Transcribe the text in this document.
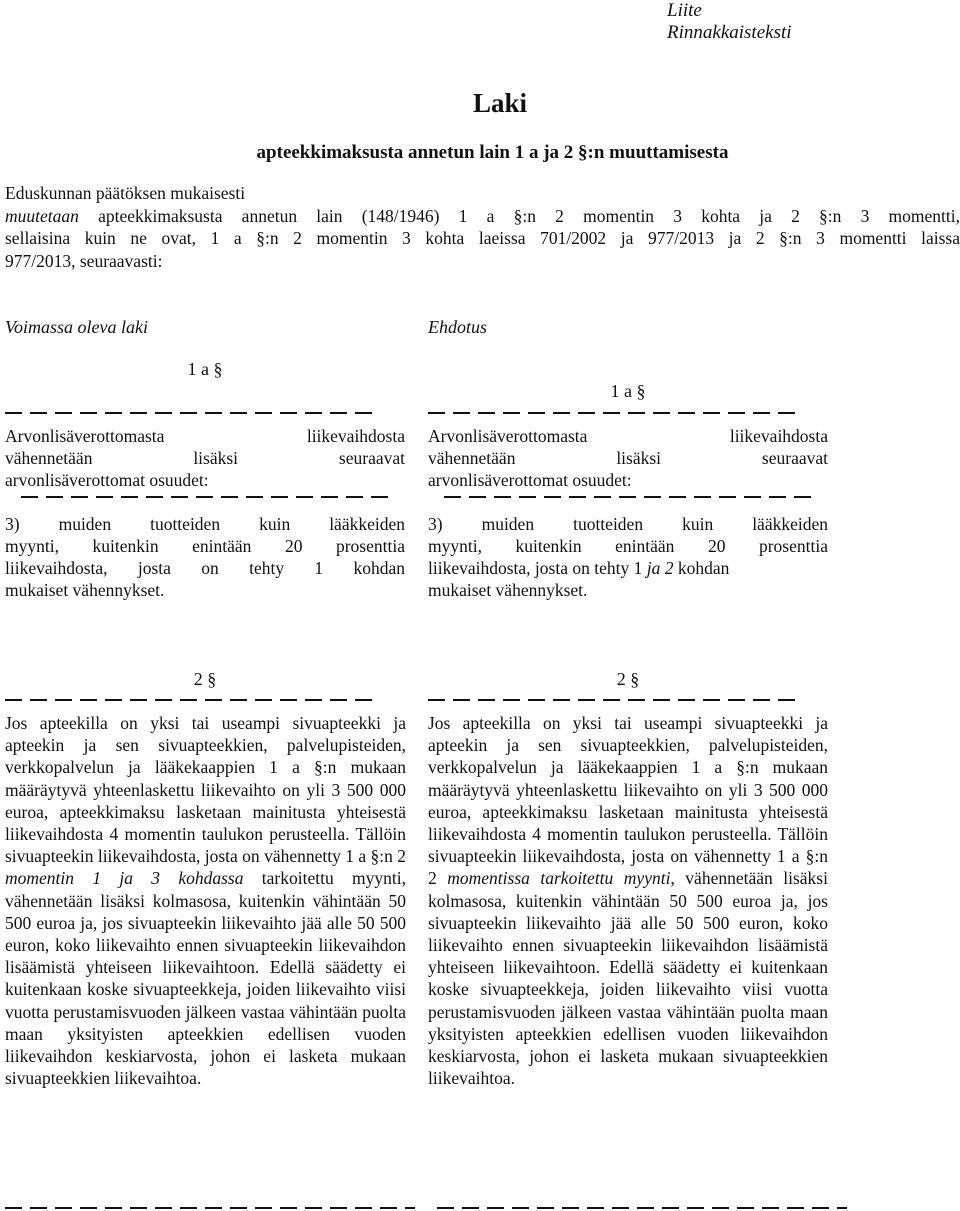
Liite
Rinnakkaisteksti
Laki
apteekkimaksusta annetun lain 1 a ja 2 §:n muuttamisesta
Eduskunnan päätöksen mukaisesti
muutetaan apteekkimaksusta annetun lain (148/1946) 1 a §:n 2 momentin 3 kohta ja 2 §:n 3 momentti,
sellaisina kuin ne ovat, 1 a §:n 2 momentin 3 kohta laeissa 701/2002 ja 977/2013 ja 2 §:n 3 momentti laissa
977/2013, seuraavasti:
Voimassa oleva laki	Ehdotus
1 a §
Arvonlisäverottomasta liikevaihdosta
vähennetään lisäksi seuraavat
arvonlisäverottomat osuudet:
3) muiden tuotteiden kuin lääkkeiden
myynti, kuitenkin enintään 20 prosenttia
liikevaihdosta, josta on tehty 1 kohdan
mukaiset vähennykset.
1 a §
Arvonlisäverottomasta liikevaihdosta
vähennetään lisäksi seuraavat
arvonlisäverottomat osuudet:
3) muiden tuotteiden kuin lääkkeiden
myynti, kuitenkin enintään 20 prosenttia
liikevaihdosta, josta on tehty 1 ja 2 kohdan
mukaiset vähennykset.
2 §

Jos apteekilla on yksi tai useampi sivuapteekki ja apteekin ja sen sivuapteekkien, palvelupisteiden, verkkopalvelun ja lääkekaappien 1 a §:n mukaan määräytyvä yhteenlaskettu liikevaihto on yli 3 500 000 euroa, apteekkimaksu lasketaan mainitusta yhteisestä liikevaihdosta 4 momentin taulukon perusteella. Tällöin sivuapteekin liikevaihdosta, josta on vähennetty 1 a §:n 2 momentin 1 ja 3 kohdassa tarkoitettu myynti, vähennetään lisäksi kolmasosa, kuitenkin vähintään 50 500 euroa ja, jos sivuapteekin liikevaihto jää alle 50 500 euron, koko liikevaihto ennen sivuapteekin liikevaihdon lisäämistä yhteiseen liikevaihtoon. Edellä säädetty ei kuitenkaan koske sivuapteekkeja, joiden liikevaihto viisi vuotta perustamisvuoden jälkeen vastaa vähintään puolta maan yksityisten apteekkien edellisen vuoden liikevaihdon keskiarvosta, johon ei lasketa mukaan sivuapteekkien liikevaihtoa.

2 §

Jos apteekilla on yksi tai useampi sivuapteekki ja apteekin ja sen sivuapteekkien, palvelupisteiden, verkkopalvelun ja lääkekaappien 1 a §:n mukaan määräytyvä yhteenlaskettu liikevaihto on yli 3 500 000 euroa, apteekkimaksu lasketaan mainitusta yhteisestä liikevaihdosta 4 momentin taulukon perusteella. Tällöin sivuapteekin liikevaihdosta, josta on vähennetty 1 a §:n 2 momentissa tarkoitettu myynti, vähennetään lisäksi kolmasosa, kuitenkin vähintään 50 500 euroa ja, jos sivuapteekin liikevaihto jää alle 50 500 euron, koko liikevaihto ennen sivuapteekin liikevaihdon lisäämistä yhteiseen liikevaihtoon. Edellä säädetty ei kuitenkaan koske sivuapteekkeja, joiden liikevaihto viisi vuotta perustamisvuoden jälkeen vastaa vähintään puolta maan yksityisten apteekkien edellisen vuoden liikevaihdon keskiarvosta, johon ei lasketa mukaan sivuapteekkien liikevaihtoa.
